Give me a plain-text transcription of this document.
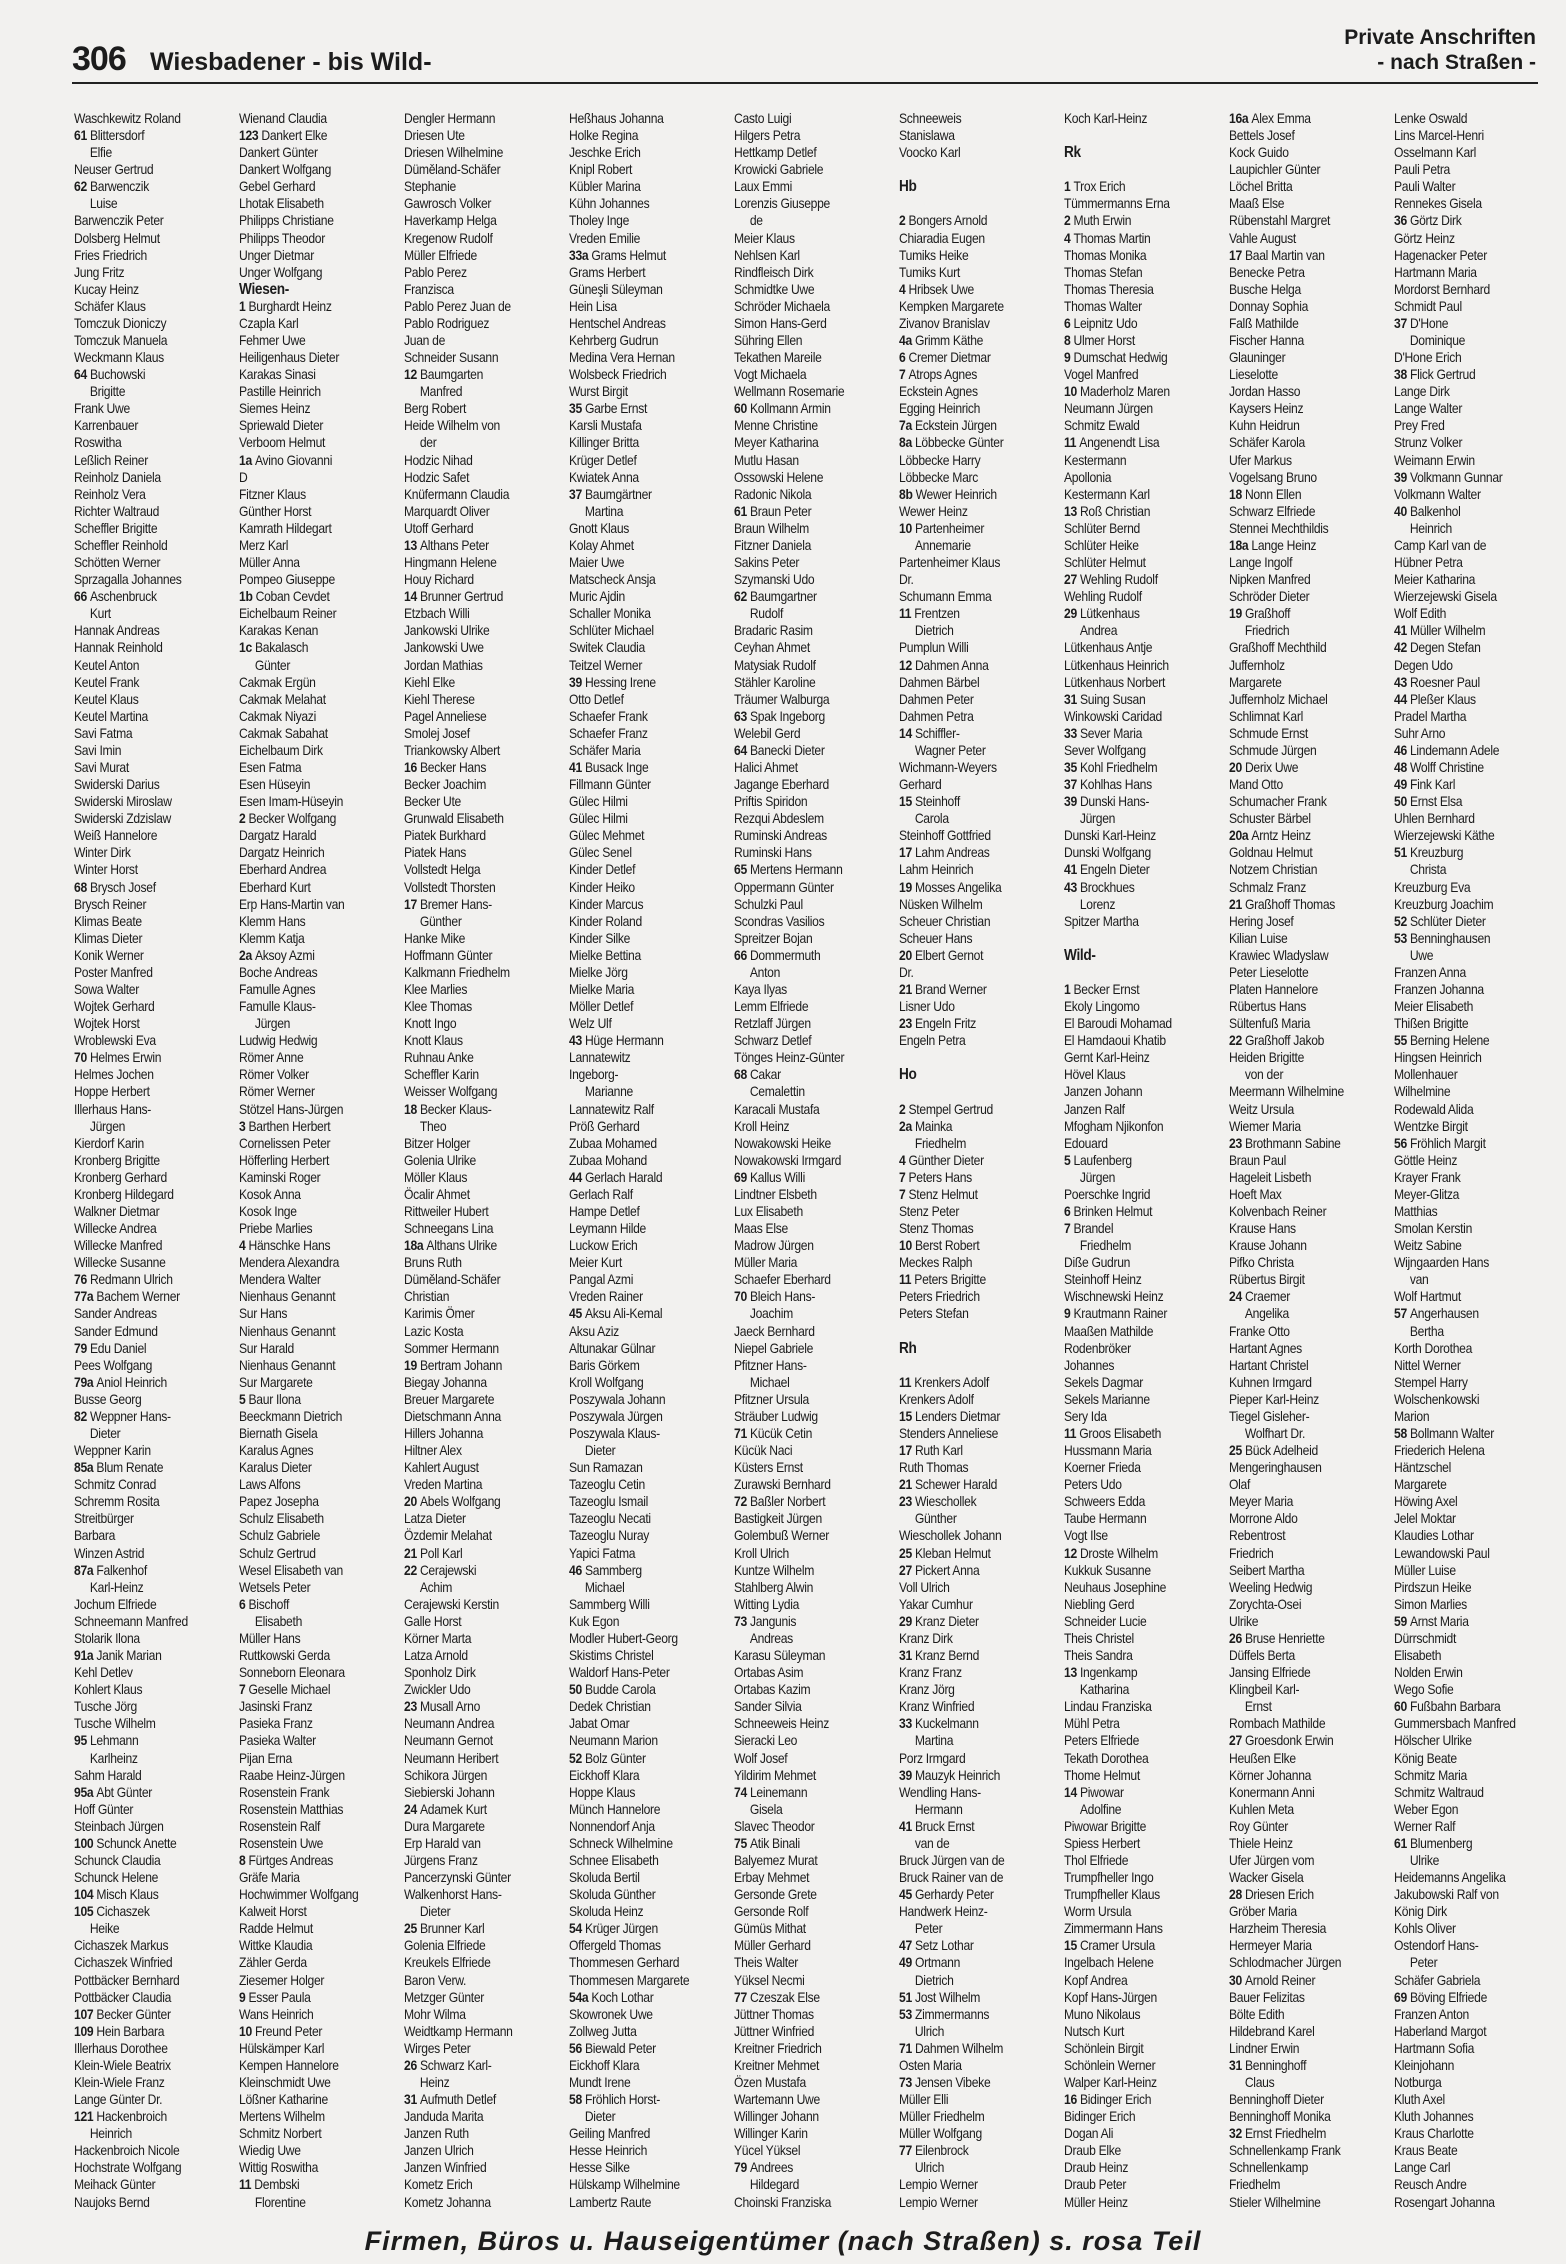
306 Wiesbadener - bis Wild-
Private Anschriften
- nach Straßen -
Waschkewitz Roland
61 Blittersdorf
Elfie
Neuser Gertrud
62 Barwenczik
Luise
Barwenczik Peter
Dolsberg Helmut
Fries Friedrich
Jung Fritz
Kucay Heinz
Schäfer Klaus
Tomczuk Dioniczy
Tomczuk Manuela
Weckmann Klaus
64 Buchowski
Brigitte
Frank Uwe
Karrenbauer
Roswitha
Leßlich Reiner
Reinholz Daniela
Reinholz Vera
Richter Waltraud
Scheffler Brigitte
Scheffler Reinhold
Schötten Werner
Sprzagalla Johannes
66 Aschenbruck
Kurt
Hannak Andreas
Hannak Reinhold
Keutel Anton
Keutel Frank
Keutel Klaus
Keutel Martina
Savi Fatma
Savi Imin
Savi Murat
Swiderski Darius
Swiderski Miroslaw
Swiderski Zdzislaw
Weiß Hannelore
Winter Dirk
Winter Horst
68 Brysch Josef
Brysch Reiner
Klimas Beate
Klimas Dieter
Konik Werner
Poster Manfred
Sowa Walter
Wojtek Gerhard
Wojtek Horst
Wroblewski Eva
70 Helmes Erwin
Helmes Jochen
Hoppe Herbert
Illerhaus Hans-
Jürgen
Kierdorf Karin
Kronberg Brigitte
Kronberg Gerhard
Kronberg Hildegard
Walkner Dietmar
Willecke Andrea
Willecke Manfred
Willecke Susanne
76 Redmann Ulrich
77a Bachem Werner
Sander Andreas
Sander Edmund
79 Edu Daniel
Pees Wolfgang
79a Aniol Heinrich
Busse Georg
82 Weppner Hans-
Dieter
Weppner Karin
85a Blum Renate
Schmitz Conrad
Schremm Rosita
Streitbürger
Barbara
Winzen Astrid
87a Falkenhof
Karl-Heinz
Jochum Elfriede
Schneemann Manfred
Stolarik Ilona
91a Janik Marian
Kehl Detlev
Kohlert Klaus
Tusche Jörg
Tusche Wilhelm
95 Lehmann
Karlheinz
Sahm Harald
95a Abt Günter
Hoff Günter
Steinbach Jürgen
100 Schunck Anette
Schunck Claudia
Schunck Helene
104 Misch Klaus
105 Cichaszek
Heike
Cichaszek Markus
Cichaszek Winfried
Pottbäcker Bernhard
Pottbäcker Claudia
107 Becker Günter
109 Hein Barbara
Illerhaus Dorothee
Klein-Wiele Beatrix
Klein-Wiele Franz
Lange Günter Dr.
121 Hackenbroich
Heinrich
Hackenbroich Nicole
Hochstrate Wolfgang
Meihack Günter
Naujoks Bernd
Wienand Claudia
123 Dankert Elke
Dankert Günter
Dankert Wolfgang
Gebel Gerhard
Lhotak Elisabeth
Philipps Christiane
Philipps Theodor
Unger Dietmar
Unger Wolfgang
Wiesen-
1 Burghardt Heinz
Czapla Karl
Fehmer Uwe
Heiligenhaus Dieter
Karakas Sinasi
Pastille Heinrich
Siemes Heinz
Spriewald Dieter
Verboom Helmut
1a Avino Giovanni
D
Fitzner Klaus
Günther Horst
Kamrath Hildegart
Merz Karl
Müller Anna
Pompeo Giuseppe
1b Coban Cevdet
Eichelbaum Reiner
Karakas Kenan
1c Bakalasch
Günter
Cakmak Ergün
Cakmak Melahat
Cakmak Niyazi
Cakmak Sabahat
Eichelbaum Dirk
Esen Fatma
Esen Hüseyin
Esen Imam-Hüseyin
2 Becker Wolfgang
Dargatz Harald
Dargatz Heinrich
Eberhard Andrea
Eberhard Kurt
Erp Hans-Martin van
Klemm Hans
Klemm Katja
2a Aksoy Azmi
Boche Andreas
Famulle Agnes
Famulle Klaus-
Jürgen
Ludwig Hedwig
Römer Anne
Römer Volker
Römer Werner
Stötzel Hans-Jürgen
3 Barthen Herbert
Cornelissen Peter
Höfferling Herbert
Kaminski Roger
Kosok Anna
Kosok Inge
Priebe Marlies
4 Hänschke Hans
Mendera Alexandra
Mendera Walter
Nienhaus Genannt
Sur Hans
Nienhaus Genannt
Sur Harald
Nienhaus Genannt
Sur Margarete
5 Baur Ilona
Beeckmann Dietrich
Biernath Gisela
Karalus Agnes
Karalus Dieter
Laws Alfons
Papez Josepha
Schulz Elisabeth
Schulz Gabriele
Schulz Gertrud
Wesel Elisabeth van
Wetsels Peter
6 Bischoff
Elisabeth
Müller Hans
Ruttkowski Gerda
Sonneborn Eleonara
7 Geselle Michael
Jasinski Franz
Pasieka Franz
Pasieka Walter
Pijan Erna
Raabe Heinz-Jürgen
Rosenstein Frank
Rosenstein Matthias
Rosenstein Ralf
Rosenstein Uwe
8 Fürtges Andreas
Gräfe Maria
Hochwimmer Wolfgang
Kalweit Horst
Radde Helmut
Wittke Klaudia
Zähler Gerda
Ziesemer Holger
9 Esser Paula
Wans Heinrich
10 Freund Peter
Hülskämper Karl
Kempen Hannelore
Kleinschmidt Uwe
Lößner Katharine
Mertens Wilhelm
Schmitz Norbert
Wiedig Uwe
Wittig Roswitha
11 Dembski
Florentine
Dengler Hermann
Driesen Ute
Driesen Wilhelmine
Düměland-Schäfer
Stephanie
Gawrosch Volker
Haverkamp Helga
Kregenow Rudolf
Müller Elfriede
Pablo Perez
Franzisca
Pablo Perez Juan de
Pablo Rodriguez
Juan de
Schneider Susann
12 Baumgarten
Manfred
Berg Robert
Heide Wilhelm von
der
Hodzic Nihad
Hodzic Safet
Knüfermann Claudia
Marquardt Oliver
Utoff Gerhard
13 Althans Peter
Hingmann Helene
Houy Richard
14 Brunner Gertrud
Etzbach Willi
Jankowski Ulrike
Jankowski Uwe
Jordan Mathias
Kiehl Elke
Kiehl Therese
Pagel Anneliese
Smolej Josef
Triankowsky Albert
16 Becker Hans
Becker Joachim
Becker Ute
Grunwald Elisabeth
Piatek Burkhard
Piatek Hans
Vollstedt Helga
Vollstedt Thorsten
17 Bremer Hans-
Günther
Hanke Mike
Hoffmann Günter
Kalkmann Friedhelm
Klee Marlies
Klee Thomas
Knott Ingo
Knott Klaus
Ruhnau Anke
Scheffler Karin
Weisser Wolfgang
18 Becker Klaus-
Theo
Bitzer Holger
Golenia Ulrike
Möller Klaus
Öcalir Ahmet
Rittweiler Hubert
Schneegans Lina
18a Althans Ulrike
Bruns Ruth
Düměland-Schäfer
Christian
Karimis Ömer
Lazic Kosta
Sommer Hermann
19 Bertram Johann
Biegay Johanna
Breuer Margarete
Dietschmann Anna
Hillers Johanna
Hiltner Alex
Kahlert August
Vreden Martina
20 Abels Wolfgang
Latza Dieter
Özdemir Melahat
21 Poll Karl
22 Cerajewski
Achim
Cerajewski Kerstin
Galle Horst
Körner Marta
Latza Arnold
Sponholz Dirk
Zwickler Udo
23 Musall Arno
Neumann Andrea
Neumann Gernot
Neumann Heribert
Schikora Jürgen
Siebierski Johann
24 Adamek Kurt
Dura Margarete
Erp Harald van
Jürgens Franz
Pancerzynski Günter
Walkenhorst Hans-
Dieter
25 Brunner Karl
Golenia Elfriede
Kreukels Elfriede
Baron Verw.
Metzger Günter
Mohr Wilma
Weidtkamp Hermann
Wirges Peter
26 Schwarz Karl-
Heinz
31 Aufmuth Detlef
Janduda Marita
Janzen Ruth
Janzen Ulrich
Janzen Winfried
Kometz Erich
Kometz Johanna
Heßhaus Johanna
Holke Regina
Jeschke Erich
Knipl Robert
Kübler Marina
Kühn Johannes
Tholey Inge
Vreden Emilie
33a Grams Helmut
Grams Herbert
Güneşli Süleyman
Hein Lisa
Hentschel Andreas
Kehrberg Gudrun
Medina Vera Hernan
Wolsbeck Friedrich
Wurst Birgit
35 Garbe Ernst
Karsli Mustafa
Killinger Britta
Krüger Detlef
Kwiatek Anna
37 Baumgärtner
Martina
Gnott Klaus
Kolay Ahmet
Maier Uwe
Matscheck Ansja
Muric Ajdin
Schaller Monika
Schlüter Michael
Switek Claudia
Teitzel Werner
39 Hessing Irene
Otto Detlef
Schaefer Frank
Schaefer Franz
Schäfer Maria
41 Busack Inge
Fillmann Günter
Gülec Hilmi
Gülec Hilmi
Gülec Mehmet
Gülec Senel
Kinder Detlef
Kinder Heiko
Kinder Marcus
Kinder Roland
Kinder Silke
Mielke Bettina
Mielke Jörg
Mielke Maria
Möller Detlef
Welz Ulf
43 Hüge Hermann
Lannatewitz
Ingeborg-
Marianne
Lannatewitz Ralf
Pröß Gerhard
Zubaa Mohamed
Zubaa Mohand
44 Gerlach Harald
Gerlach Ralf
Hampe Detlef
Leymann Hilde
Luckow Erich
Meier Kurt
Pangal Azmi
Vreden Rainer
45 Aksu Ali-Kemal
Aksu Aziz
Altunakar Gülnar
Baris Görkem
Kroll Wolfgang
Poszywala Johann
Poszywala Jürgen
Poszywala Klaus-
Dieter
Sun Ramazan
Tazeoglu Cetin
Tazeoglu Ismail
Tazeoglu Necati
Tazeoglu Nuray
Yapici Fatma
46 Sammberg
Michael
Sammberg Willi
Kuk Egon
Modler Hubert-Georg
Skistims Christel
Waldorf Hans-Peter
50 Budde Carola
Dedek Christian
Jabat Omar
Neumann Marion
52 Bolz Günter
Eickhoff Klara
Hoppe Klaus
Münch Hannelore
Nonnendorf Anja
Schneck Wilhelmine
Schnee Elisabeth
Skoluda Bertil
Skoluda Günther
Skoluda Heinz
54 Krüger Jürgen
Offergeld Thomas
Thommesen Gerhard
Thommesen Margarete
54a Koch Lothar
Skowronek Uwe
Zollweg Jutta
56 Biewald Peter
Eickhoff Klara
Mundt Irene
58 Fröhlich Horst-
Dieter
Geiling Manfred
Hesse Heinrich
Hesse Silke
Hülskamp Wilhelmine
Lambertz Raute
Casto Luigi
Hilgers Petra
Hettkamp Detlef
Krowicki Gabriele
Laux Emmi
Lorenzis Giuseppe
de
Meier Klaus
Nehlsen Karl
Rindfleisch Dirk
Schmidtke Uwe
Schröder Michaela
Simon Hans-Gerd
Sühring Ellen
Tekathen Mareile
Vogt Michaela
Wellmann Rosemarie
60 Kollmann Armin
Menne Christine
Meyer Katharina
Mutlu Hasan
Ossowski Helene
Radonic Nikola
61 Braun Peter
Braun Wilhelm
Fitzner Daniela
Sakins Peter
Szymanski Udo
62 Baumgartner
Rudolf
Bradaric Rasim
Ceyhan Ahmet
Matysiak Rudolf
Stähler Karoline
Träumer Walburga
63 Spak Ingeborg
Welebil Gerd
64 Banecki Dieter
Halici Ahmet
Jagange Eberhard
Priftis Spiridon
Rezqui Abdeslem
Ruminski Andreas
Ruminski Hans
65 Mertens Hermann
Oppermann Günter
Schulzki Paul
Scondras Vasilios
Spreitzer Bojan
66 Dommermuth
Anton
Kaya Ilyas
Lemm Elfriede
Retzlaff Jürgen
Schwarz Detlef
Tönges Heinz-Günter
68 Cakar
Cemalettin
Karacali Mustafa
Kroll Heinz
Nowakowski Heike
Nowakowski Irmgard
69 Kallus Willi
Lindtner Elsbeth
Lux Elisabeth
Maas Else
Madrow Jürgen
Müller Maria
Schaefer Eberhard
70 Bleich Hans-
Joachim
Jaeck Bernhard
Niepel Gabriele
Pfitzner Hans-
Michael
Pfitzner Ursula
Sträuber Ludwig
71 Kücük Cetin
Kücük Naci
Küsters Ernst
Zurawski Bernhard
72 Baßler Norbert
Bastigkeit Jürgen
Golembuß Werner
Kroll Ulrich
Kuntze Wilhelm
Stahlberg Alwin
Witting Lydia
73 Jangunis
Andreas
Karasu Süleyman
Ortabas Asim
Ortabas Kazim
Sander Silvia
Schneeweis Heinz
Sieracki Leo
Wolf Josef
Yildirim Mehmet
74 Leinemann
Gisela
Slavec Theodor
75 Atik Binali
Balyemez Murat
Erbay Mehmet
Gersonde Grete
Gersonde Rolf
Gümüs Mithat
Müller Gerhard
Theis Walter
Yüksel Necmi
77 Czeszak Else
Jüttner Thomas
Jüttner Winfried
Kreitner Friedrich
Kreitner Mehmet
Özen Mustafa
Wartemann Uwe
Willinger Johann
Willinger Karin
Yücel Yüksel
79 Andrees
Hildegard
Choinski Franziska
Schneeweis
Stanislawa
Voocko Karl

Hb

2 Bongers Arnold
Chiaradia Eugen
Tumiks Heike
Tumiks Kurt
4 Hribsek Uwe
Kempken Margarete
Zivanov Branislav
4a Grimm Käthe
6 Cremer Dietmar
7 Atrops Agnes
Eckstein Agnes
Egging Heinrich
7a Eckstein Jürgen
8a Löbbecke Günter
Löbbecke Harry
Löbbecke Marc
8b Wewer Heinrich
Wewer Heinz
10 Partenheimer
Annemarie
Partenheimer Klaus
Dr.
Schumann Emma
11 Frentzen
Dietrich
Pumplun Willi
12 Dahmen Anna
Dahmen Bärbel
Dahmen Peter
Dahmen Petra
14 Schiffler-
Wagner Peter
Wichmann-Weyers
Gerhard
15 Steinhoff
Carola
Steinhoff Gottfried
17 Lahm Andreas
Lahm Heinrich
19 Mosses Angelika
Nüsken Wilhelm
Scheuer Christian
Scheuer Hans
20 Elbert Gernot
Dr.
21 Brand Werner
Lisner Udo
23 Engeln Fritz
Engeln Petra

Ho

2 Stempel Gertrud
2a Mainka
Friedhelm
4 Günther Dieter
7 Peters Hans
7 Stenz Helmut
Stenz Peter
Stenz Thomas
10 Berst Robert
Meckes Ralph
11 Peters Brigitte
Peters Friedrich
Peters Stefan

Rh

11 Krenkers Adolf
Krenkers Adolf
15 Lenders Dietmar
Stenders Anneliese
17 Ruth Karl
Ruth Thomas
21 Schewer Harald
23 Wieschollek
Günther
Wieschollek Johann
25 Kleban Helmut
27 Pickert Anna
Voll Ulrich
Yakar Cumhur
29 Kranz Dieter
Kranz Dirk
31 Kranz Bernd
Kranz Franz
Kranz Jörg
Kranz Winfried
33 Kuckelmann
Martina
Porz Irmgard
39 Mauzyk Heinrich
Wendling Hans-
Hermann
41 Bruck Ernst
van de
Bruck Jürgen van de
Bruck Rainer van de
45 Gerhardy Peter
Handwerk Heinz-
Peter
47 Setz Lothar
49 Ortmann
Dietrich
51 Jost Wilhelm
53 Zimmermanns
Ulrich
71 Dahmen Wilhelm
Osten Maria
73 Jensen Vibeke
Müller Elli
Müller Friedhelm
Müller Wolfgang
77 Eilenbrock
Ulrich
Lempio Werner
Lempio Werner
Koch Karl-Heinz

Rk

1 Trox Erich
Tümmermanns Erna
2 Muth Erwin
4 Thomas Martin
Thomas Monika
Thomas Stefan
Thomas Theresia
Thomas Walter
6 Leipnitz Udo
8 Ulmer Horst
9 Dumschat Hedwig
Vogel Manfred
10 Maderholz Maren
Neumann Jürgen
Schmitz Ewald
11 Angenendt Lisa
Kestermann
Apollonia
Kestermann Karl
13 Roß Christian
Schlüter Bernd
Schlüter Heike
Schlüter Helmut
27 Wehling Rudolf
Wehling Rudolf
29 Lütkenhaus
Andrea
Lütkenhaus Antje
Lütkenhaus Heinrich
Lütkenhaus Norbert
31 Suing Susan
Winkowski Caridad
33 Sever Maria
Sever Wolfgang
35 Kohl Friedhelm
37 Kohlhas Hans
39 Dunski Hans-
Jürgen
Dunski Karl-Heinz
Dunski Wolfgang
41 Engeln Dieter
43 Brockhues
Lorenz
Spitzer Martha

Wild-

1 Becker Ernst
Ekoly Lingomo
El Baroudi Mohamad
El Hamdaoui Khatib
Gernt Karl-Heinz
Hövel Klaus
Janzen Johann
Janzen Ralf
Mfogham Njikonfon
Edouard
5 Laufenberg
Jürgen
Poerschke Ingrid
6 Brinken Helmut
7 Brandel
Friedhelm
Diße Gudrun
Steinhoff Heinz
Wischnewski Heinz
9 Krautmann Rainer
Maaßen Mathilde
Rodenbröker
Johannes
Sekels Dagmar
Sekels Marianne
Sery Ida
11 Groos Elisabeth
Hussmann Maria
Koerner Frieda
Peters Udo
Schweers Edda
Taube Hermann
Vogt Ilse
12 Droste Wilhelm
Kukkuk Susanne
Neuhaus Josephine
Niebling Gerd
Schneider Lucie
Theis Christel
Theis Sandra
13 Ingenkamp
Katharina
Lindau Franziska
Mühl Petra
Peters Elfriede
Tekath Dorothea
Thome Helmut
14 Piwowar
Adolfine
Piwowar Brigitte
Spiess Herbert
Thol Elfriede
Trumpfheller Ingo
Trumpfheller Klaus
Worm Ursula
Zimmermann Hans
15 Cramer Ursula
Ingelbach Helene
Kopf Andrea
Kopf Hans-Jürgen
Muno Nikolaus
Nutsch Kurt
Schönlein Birgit
Schönlein Werner
Walper Karl-Heinz
16 Bidinger Erich
Bidinger Erich
Dogan Ali
Draub Elke
Draub Heinz
Draub Peter
Müller Heinz
16a Alex Emma
Bettels Josef
Kock Guido
Laupichler Günter
Löchel Britta
Maaß Else
Rübenstahl Margret
Vahle August
17 Baal Martin van
Benecke Petra
Busche Helga
Donnay Sophia
Falß Mathilde
Fischer Hanna
Glauninger
Lieselotte
Jordan Hasso
Kaysers Heinz
Kuhn Heidrun
Schäfer Karola
Ufer Markus
Vogelsang Bruno
18 Nonn Ellen
Schwarz Elfriede
Stennei Mechthildis
18a Lange Heinz
Lange Ingolf
Nipken Manfred
Schröder Dieter
19 Graßhoff
Friedrich
Graßhoff Mechthild
Juffernholz
Margarete
Juffernholz Michael
Schlimnat Karl
Schmude Ernst
Schmude Jürgen
20 Derix Uwe
Mand Otto
Schumacher Frank
Schuster Bärbel
20a Arntz Heinz
Goldnau Helmut
Notzem Christian
Schmalz Franz
21 Graßhoff Thomas
Hering Josef
Kilian Luise
Krawiec Wladyslaw
Peter Lieselotte
Platen Hannelore
Rübertus Hans
Sültenfuß Maria
22 Graßhoff Jakob
Heiden Brigitte
von der
Meermann Wilhelmine
Weitz Ursula
Wiemer Maria
23 Brothmann Sabine
Braun Paul
Hageleit Lisbeth
Hoeft Max
Kolvenbach Reiner
Krause Hans
Krause Johann
Pifko Christa
Rübertus Birgit
24 Craemer
Angelika
Franke Otto
Hartant Agnes
Hartant Christel
Kuhnen Irmgard
Pieper Karl-Heinz
Tiegel Gisleher-
Wolfhart Dr.
25 Bück Adelheid
Mengeringhausen
Olaf
Meyer Maria
Morrone Aldo
Rebentrost
Friedrich
Seibert Martha
Weeling Hedwig
Zorychta-Osei
Ulrike
26 Bruse Henriette
Düffels Berta
Jansing Elfriede
Klingbeil Karl-
Ernst
Rombach Mathilde
27 Groesdonk Erwin
Heußen Elke
Körner Johanna
Konermann Anni
Kuhlen Meta
Roy Günter
Thiele Heinz
Ufer Jürgen vom
Wacker Gisela
28 Driesen Erich
Gröber Maria
Harzheim Theresia
Hermeyer Maria
Schlodmacher Jürgen
30 Arnold Reiner
Bauer Felizitas
Bölte Edith
Hildebrand Karel
Lindner Erwin
31 Benninghoff
Claus
Benninghoff Dieter
Benninghoff Monika
32 Ernst Friedhelm
Schnellenkamp Frank
Schnellenkamp
Friedhelm
Stieler Wilhelmine
Lenke Oswald
Lins Marcel-Henri
Osselmann Karl
Pauli Petra
Pauli Walter
Rennekes Gisela
36 Görtz Dirk
Görtz Heinz
Hagenacker Peter
Hartmann Maria
Mordorst Bernhard
Schmidt Paul
37 D'Hone
Dominique
D'Hone Erich
38 Flick Gertrud
Lange Dirk
Lange Walter
Prey Fred
Strunz Volker
Weimann Erwin
39 Volkmann Gunnar
Volkmann Walter
40 Balkenhol
Heinrich
Camp Karl van de
Hübner Petra
Meier Katharina
Wierzejewski Gisela
Wolf Edith
41 Müller Wilhelm
42 Degen Stefan
Degen Udo
43 Roesner Paul
44 Pleßer Klaus
Pradel Martha
Suhr Arno
46 Lindemann Adele
48 Wolff Christine
49 Fink Karl
50 Ernst Elsa
Uhlen Bernhard
Wierzejewski Käthe
51 Kreuzburg
Christa
Kreuzburg Eva
Kreuzburg Joachim
52 Schlüter Dieter
53 Benninghausen
Uwe
Franzen Anna
Franzen Johanna
Meier Elisabeth
Thißen Brigitte
55 Berning Helene
Hingsen Heinrich
Mollenhauer
Wilhelmine
Rodewald Alida
Wentzke Birgit
56 Fröhlich Margit
Göttle Heinz
Krayer Frank
Meyer-Glitza
Matthias
Smolan Kerstin
Weitz Sabine
Wijngaarden Hans
van
Wolf Hartmut
57 Angerhausen
Bertha
Korth Dorothea
Nittel Werner
Stempel Harry
Wolschenkowski
Marion
58 Bollmann Walter
Friederich Helena
Häntzschel
Margarete
Höwing Axel
Jelel Moktar
Klaudies Lothar
Lewandowski Paul
Müller Luise
Pirdszun Heike
Simon Marlies
59 Arnst Maria
Dürrschmidt
Elisabeth
Nolden Erwin
Wego Sofie
60 Fußbahn Barbara
Gummersbach Manfred
Hölscher Ulrike
König Beate
Schmitz Maria
Schmitz Waltraud
Weber Egon
Werner Ralf
61 Blumenberg
Ulrike
Heidemanns Angelika
Jakubowski Ralf von
König Dirk
Kohls Oliver
Ostendorf Hans-
Peter
Schäfer Gabriela
69 Böving Elfriede
Franzen Anton
Haberland Margot
Hartmann Sofia
Kleinjohann
Notburga
Kluth Axel
Kluth Johannes
Kraus Charlotte
Kraus Beate
Lange Carl
Reusch Andre
Rosengart Johanna
Firmen, Büros u. Hauseigentümer (nach Straßen) s. rosa Teil
